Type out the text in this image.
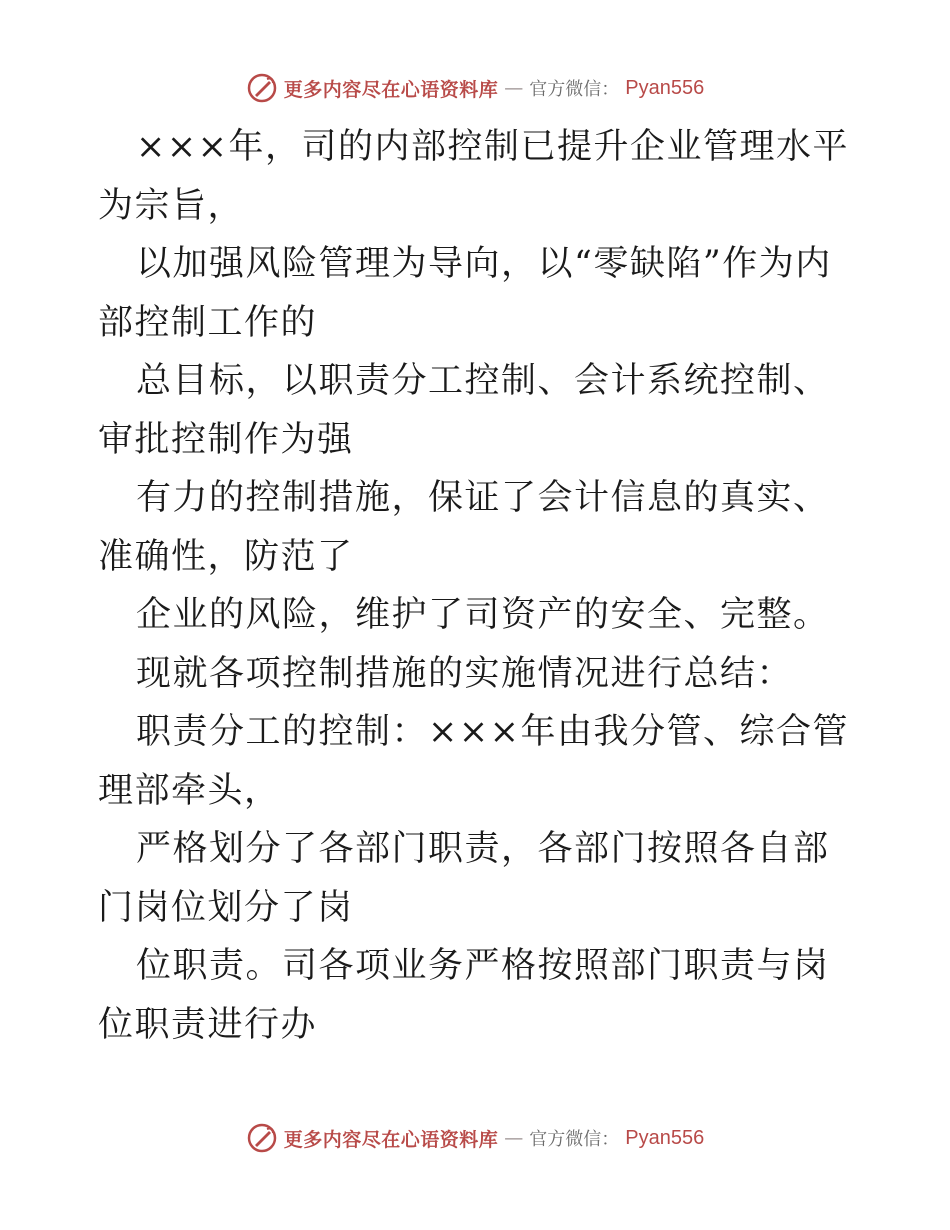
更多内容尽在心语资料库 — 官方微信： Pyan556

×××年，司的内部控制已提升企业管理水平为宗旨，

以加强风险管理为导向，以“零缺陷”作为内部控制工作的

总目标，以职责分工控制、会计系统控制、审批控制作为强

有力的控制措施，保证了会计信息的真实、准确性，防范了

企业的风险，维护了司资产的安全、完整。

现就各项控制措施的实施情况进行总结：

职责分工的控制：×××年由我分管、综合管理部牵头，

严格划分了各部门职责，各部门按照各自部门岗位划分了岗

位职责。司各项业务严格按照部门职责与岗位职责进行办

更多内容尽在心语资料库 — 官方微信： Pyan556
